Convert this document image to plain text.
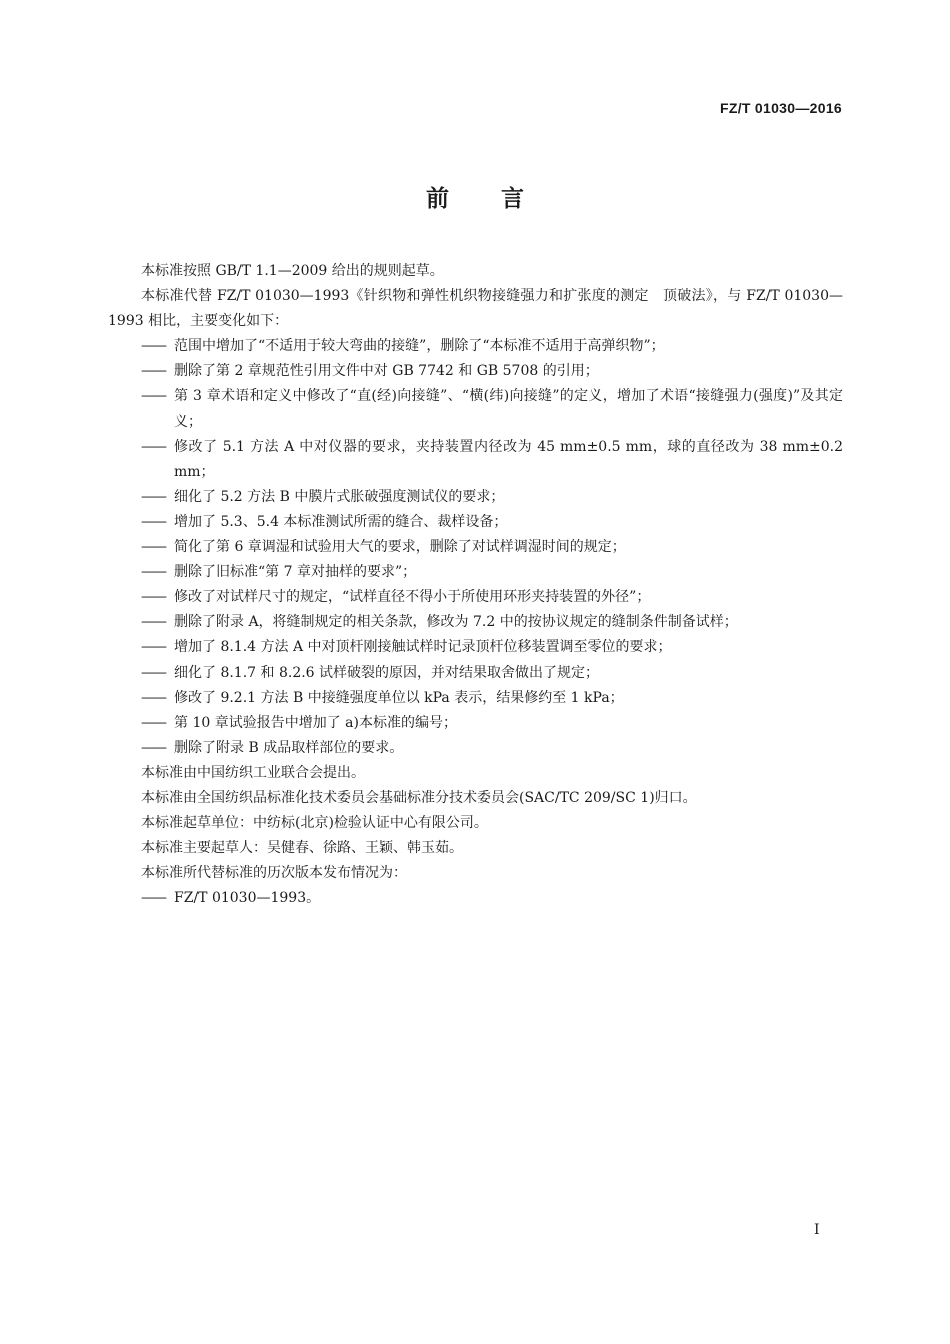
FZ/T 01030—2016
前言

本标准按照 GB/T 1.1—2009 给出的规则起草。

本标准代替 FZ/T 01030—1993《针织物和弹性机织物接缝强力和扩张度的测定　顶破法》，与 FZ/T 01030—1993 相比，主要变化如下：

—— 范围中增加了“不适用于较大弯曲的接缝”，删除了“本标准不适用于高弹织物”；

—— 删除了第 2 章规范性引用文件中对 GB 7742 和 GB 5708 的引用；

—— 第 3 章术语和定义中修改了“直(经)向接缝”、“横(纬)向接缝”的定义，增加了术语“接缝强力(强度)”及其定义；

—— 修改了 5.1 方法 A 中对仪器的要求，夹持装置内径改为 45 mm±0.5 mm，球的直径改为 38 mm±0.2 mm；

—— 细化了 5.2 方法 B 中膜片式胀破强度测试仪的要求；

—— 增加了 5.3、5.4 本标准测试所需的缝合、裁样设备；

—— 简化了第 6 章调湿和试验用大气的要求，删除了对试样调湿时间的规定；

—— 删除了旧标准“第 7 章对抽样的要求”；

—— 修改了对试样尺寸的规定，“试样直径不得小于所使用环形夹持装置的外径”；

—— 删除了附录 A，将缝制规定的相关条款，修改为 7.2 中的按协议规定的缝制条件制备试样；

—— 增加了 8.1.4 方法 A 中对顶杆刚接触试样时记录顶杆位移装置调至零位的要求；

—— 细化了 8.1.7 和 8.2.6 试样破裂的原因，并对结果取舍做出了规定；

—— 修改了 9.2.1 方法 B 中接缝强度单位以 kPa 表示，结果修约至 1 kPa；

—— 第 10 章试验报告中增加了 a)本标准的编号；

—— 删除了附录 B 成品取样部位的要求。

本标准由中国纺织工业联合会提出。

本标准由全国纺织品标准化技术委员会基础标准分技术委员会(SAC/TC 209/SC 1)归口。

本标准起草单位：中纺标(北京)检验认证中心有限公司。

本标准主要起草人：吴健春、徐路、王颖、韩玉茹。

本标准所代替标准的历次版本发布情况为：

—— FZ/T 01030—1993。

I
